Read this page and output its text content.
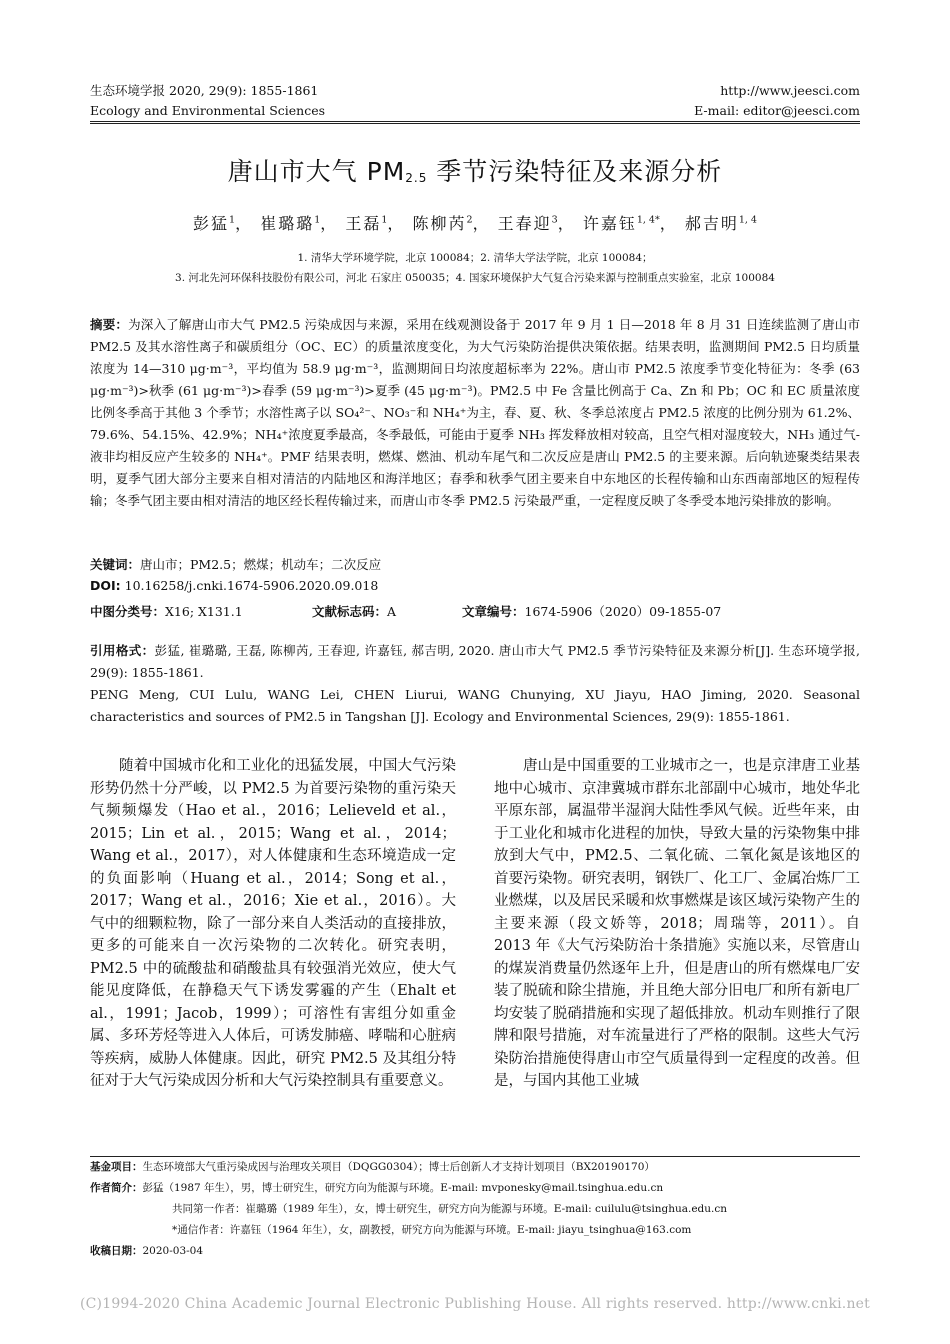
生态环境学报 2020, 29(9): 1855-1861
Ecology and Environmental Sciences
http://www.jeesci.com
E-mail: editor@jeesci.com
唐山市大气 PM2.5 季节污染特征及来源分析
彭猛$^1$， 崔璐璐$^1$， 王磊$^1$， 陈柳芮$^2$， 王春迎$^3$， 许嘉钰$^{1, 4*}$， 郝吉明$^{1, 4}$
1. 清华大学环境学院，北京 100084；2. 清华大学法学院，北京 100084；
3. 河北先河环保科技股份有限公司，河北 石家庄 050035；4. 国家环境保护大气复合污染来源与控制重点实验室，北京 100084
摘要：为深入了解唐山市大气 PM2.5 污染成因与来源，采用在线观测设备于 2017 年 9 月 1 日—2018 年 8 月 31 日连续监测了唐山市 PM2.5 及其水溶性离子和碳质组分（OC、EC）的质量浓度变化，为大气污染防治提供决策依据。结果表明，监测期间 PM2.5 日均质量浓度为 14—310 μg·m⁻³，平均值为 58.9 μg·m⁻³，监测期间日均浓度超标率为 22%。唐山市 PM2.5 浓度季节变化特征为：冬季 (63 μg·m⁻³)>秋季 (61 μg·m⁻³)>春季 (59 μg·m⁻³)>夏季 (45 μg·m⁻³)。PM2.5 中 Fe 含量比例高于 Ca、Zn 和 Pb；OC 和 EC 质量浓度比例冬季高于其他 3 个季节；水溶性离子以 SO₄²⁻、NO₃⁻和 NH₄⁺为主，春、夏、秋、冬季总浓度占 PM2.5 浓度的比例分别为 61.2%、79.6%、54.15%、42.9%；NH₄⁺浓度夏季最高，冬季最低，可能由于夏季 NH₃ 挥发释放相对较高，且空气相对湿度较大，NH₃ 通过气-液非均相反应产生较多的 NH₄⁺。PMF 结果表明，燃煤、燃油、机动车尾气和二次反应是唐山 PM2.5 的主要来源。后向轨迹聚类结果表明，夏季气团大部分主要来自相对清洁的内陆地区和海洋地区；春季和秋季气团主要来自中东地区的长程传输和山东西南部地区的短程传输；冬季气团主要由相对清洁的地区经长程传输过来，而唐山市冬季 PM2.5 污染最严重，一定程度反映了冬季受本地污染排放的影响。
关键词：唐山市；PM2.5；燃煤；机动车；二次反应
DOI: 10.16258/j.cnki.1674-5906.2020.09.018
中图分类号：X16; X131.1	文献标志码：A	文章编号：1674-5906（2020）09-1855-07
引用格式：彭猛, 崔璐璐, 王磊, 陈柳芮, 王春迎, 许嘉钰, 郝吉明, 2020. 唐山市大气 PM2.5 季节污染特征及来源分析[J]. 生态环境学报, 29(9): 1855-1861.
PENG Meng, CUI Lulu, WANG Lei, CHEN Liurui, WANG Chunying, XU Jiayu, HAO Jiming, 2020. Seasonal characteristics and sources of PM2.5 in Tangshan [J]. Ecology and Environmental Sciences, 29(9): 1855-1861.

随着中国城市化和工业化的迅猛发展，中国大气污染形势仍然十分严峻，以 PM2.5 为首要污染物的重污染天气频频爆发（Hao et al.，2016；Lelieveld et al.，2015；Lin et al.，2015；Wang et al.，2014；Wang et al.，2017），对人体健康和生态环境造成一定的负面影响（Huang et al.，2014；Song et al.，2017；Wang et al.，2016；Xie et al.，2016）。大气中的细颗粒物，除了一部分来自人类活动的直接排放，更多的可能来自一次污染物的二次转化。研究表明，PM2.5 中的硫酸盐和硝酸盐具有较强消光效应，使大气能见度降低，在静稳天气下诱发雾霾的产生（Ehalt et al.，1991；Jacob，1999）；可溶性有害组分如重金属、多环芳烃等进入人体后，可诱发肺癌、哮喘和心脏病等疾病，威胁人体健康。因此，研究 PM2.5 及其组分特征对于大气污染成因分析和大气污染控制具有重要意义。

唐山是中国重要的工业城市之一，也是京津唐工业基地中心城市、京津冀城市群东北部副中心城市，地处华北平原东部，属温带半湿润大陆性季风气候。近些年来，由于工业化和城市化进程的加快，导致大量的污染物集中排放到大气中，PM2.5、二氧化硫、二氧化氮是该地区的首要污染物。研究表明，钢铁厂、化工厂、金属冶炼厂工业燃煤，以及居民采暖和炊事燃煤是该区域污染物产生的主要来源（段文娇等，2018；周瑞等，2011）。自 2013 年《大气污染防治十条措施》实施以来，尽管唐山的煤炭消费量仍然逐年上升，但是唐山的所有燃煤电厂安装了脱硫和除尘措施，并且绝大部分旧电厂和所有新电厂均安装了脱硝措施和实现了超低排放。机动车则推行了限牌和限号措施，对车流量进行了严格的限制。这些大气污染防治措施使得唐山市空气质量得到一定程度的改善。但是，与国内其他工业城

基金项目：生态环境部大气重污染成因与治理攻关项目（DQGG0304）；博士后创新人才支持计划项目（BX20190170）
作者简介：彭猛（1987 年生），男，博士研究生，研究方向为能源与环境。E-mail: mvponesky@mail.tsinghua.edu.cn
共同第一作者：崔璐璐（1989 年生），女，博士研究生，研究方向为能源与环境。E-mail: cuilulu@tsinghua.edu.cn
*通信作者：许嘉钰（1964 年生），女，副教授，研究方向为能源与环境。E-mail: jiayu_tsinghua@163.com
收稿日期：2020-03-04
(C)1994-2020 China Academic Journal Electronic Publishing House. All rights reserved. http://www.cnki.net
